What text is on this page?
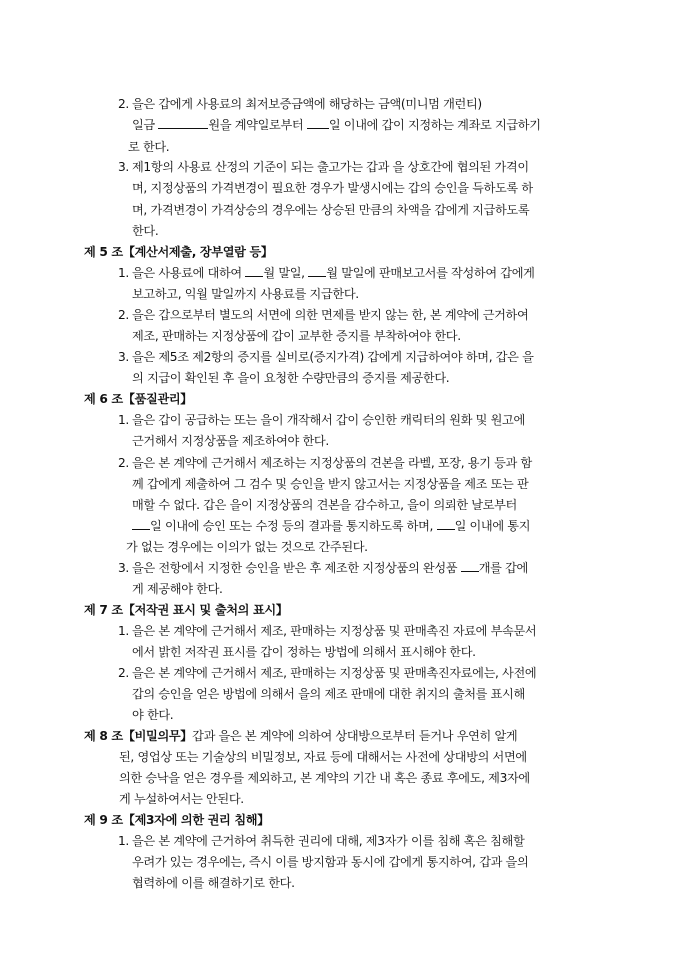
2. 을은 갑에게 사용료의 최저보증금액에 해당하는 금액(미니멈 개런티)
일금	원을 계약일로부터 일 이내에 갑이 지정하는 계좌로 지급하기
로 한다.
3. 제1항의 사용료 산정의 기준이 되는 출고가는 갑과 을 상호간에 협의된 가격이
며, 지정상품의 가격변경이 필요한 경우가 발생시에는 갑의 승인을 득하도록 하
며, 가격변경이 가격상승의 경우에는 상승된 만큼의 차액을 갑에게 지급하도록
한다.
제 5 조【계산서제출, 장부열람 등】
1. 을은 사용료에 대하여 월 말일, 월 말일에 판매보고서를 작성하여 갑에게
보고하고, 익월 말일까지 사용료를 지급한다.
2. 을은 갑으로부터 별도의 서면에 의한 면제를 받지 않는 한, 본 계약에 근거하여
제조, 판매하는 지정상품에 갑이 교부한 증지를 부착하여야 한다.
3. 을은 제5조 제2항의 증지를 실비로(증지가격) 갑에게 지급하여야 하며, 갑은 을
의 지급이 확인된 후 을이 요청한 수량만큼의 증지를 제공한다.
제 6 조【품질관리】
1. 을은 갑이 공급하는 또는 을이 개작해서 갑이 승인한 캐릭터의 원화 및 원고에
근거해서 지정상품을 제조하여야 한다.
2. 을은 본 계약에 근거해서 제조하는 지정상품의 견본을 라벨, 포장, 용기 등과 함
께 갑에게 제출하여 그 검수 및 승인을 받지 않고서는 지정상품을 제조 또는 판
매할 수 없다. 갑은 을이 지정상품의 견본을 감수하고, 을이 의뢰한 날로부터
일 이내에 승인 또는 수정 등의 결과를 통지하도록 하며, 일 이내에 통지
가 없는 경우에는 이의가 없는 것으로 간주된다.
3. 을은 전항에서 지정한 승인을 받은 후 제조한 지정상품의 완성품 개를 갑에
게 제공해야 한다.
제 7 조【저작권 표시 및 출처의 표시】
1. 을은 본 계약에 근거해서 제조, 판매하는 지정상품 및 판매촉진 자료에 부속문서
에서 밝힌 저작권 표시를 갑이 정하는 방법에 의해서 표시해야 한다.
2. 을은 본 계약에 근거해서 제조, 판매하는 지정상품 및 판매촉진자료에는, 사전에
갑의 승인을 얻은 방법에 의해서 을의 제조 판매에 대한 취지의 출처를 표시해
야 한다.
제 8 조【비밀의무】갑과 을은 본 계약에 의하여 상대방으로부터 듣거나 우연히 알게
된, 영업상 또는 기술상의 비밀정보, 자료 등에 대해서는 사전에 상대방의 서면에
의한 승낙을 얻은 경우를 제외하고, 본 계약의 기간 내 혹은 종료 후에도, 제3자에
게 누설하여서는 안된다.
제 9 조【제3자에 의한 권리 침해】
1. 을은 본 계약에 근거하여 취득한 권리에 대해, 제3자가 이를 침해 혹은 침해할
우려가 있는 경우에는, 즉시 이를 방지함과 동시에 갑에게 통지하여, 갑과 을의
협력하에 이를 해결하기로 한다.
